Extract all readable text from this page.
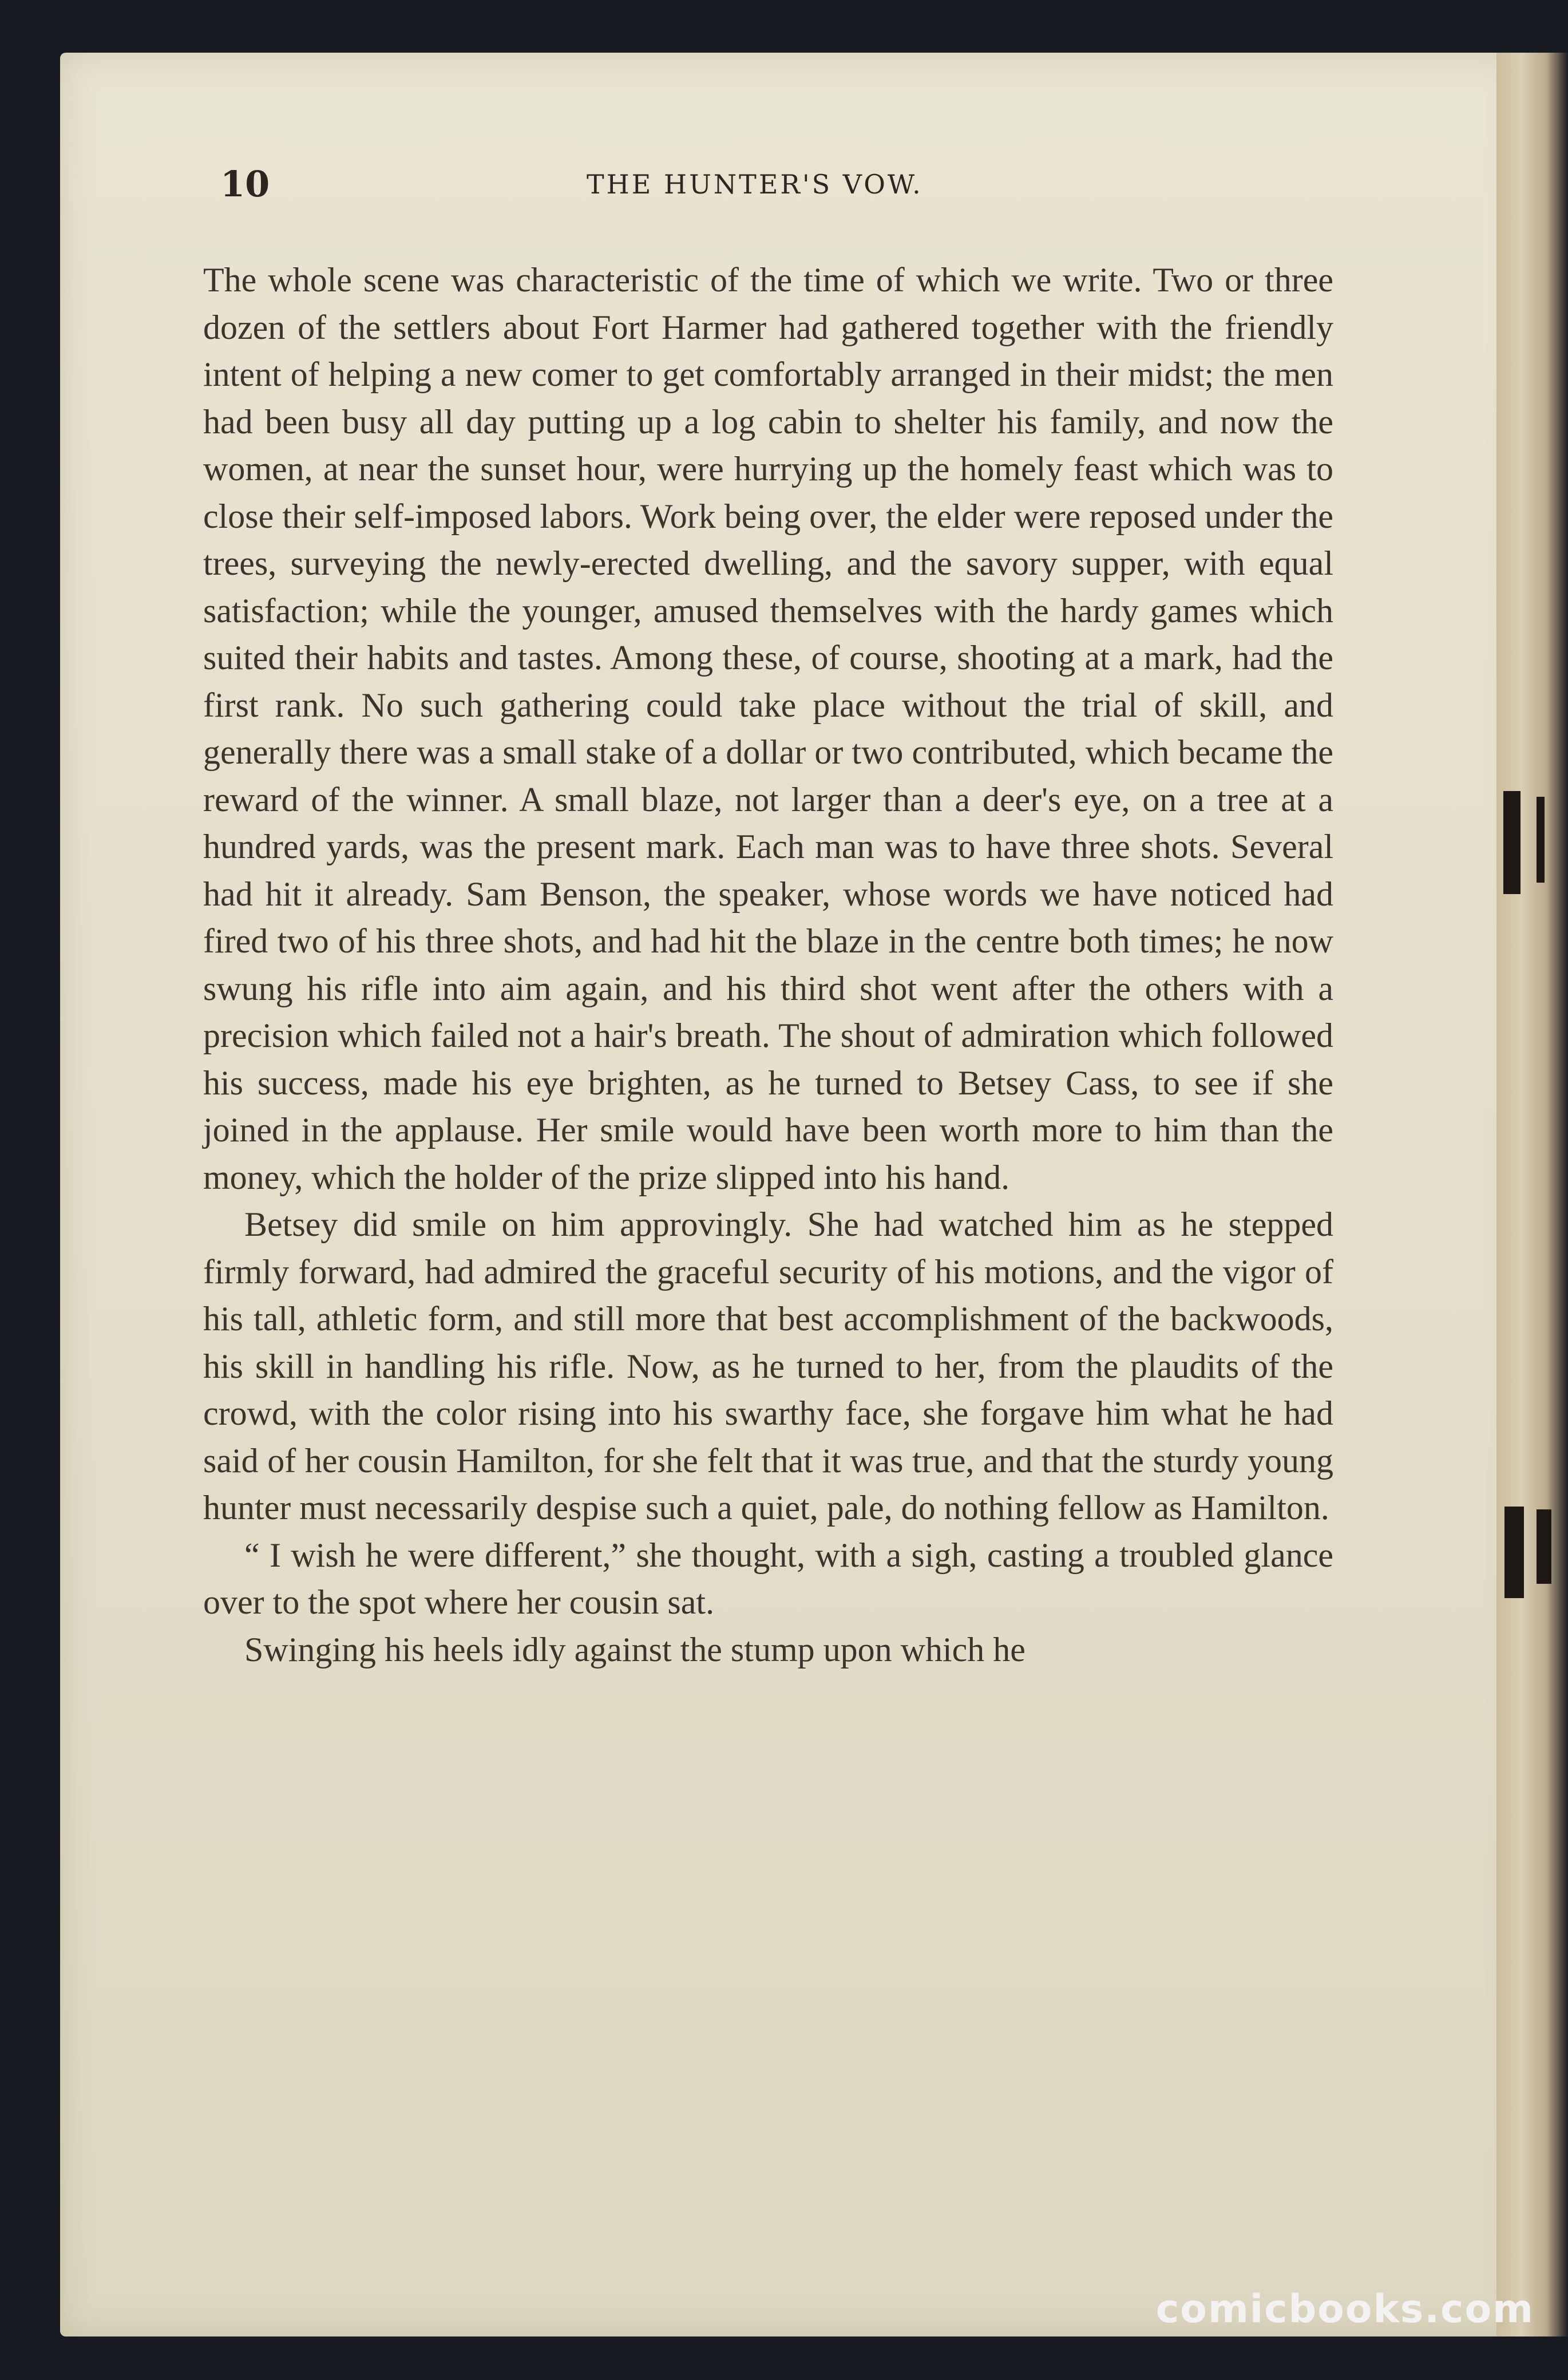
10	THE HUNTER'S VOW.

The whole scene was characteristic of the time of which we write. Two or three dozen of the settlers about Fort Harmer had gathered together with the friendly intent of helping a new comer to get comfortably arranged in their midst; the men had been busy all day putting up a log cabin to shelter his family, and now the women, at near the sunset hour, were hurrying up the homely feast which was to close their self-imposed labors. Work being over, the elder were reposed under the trees, surveying the newly-erected dwelling, and the savory supper, with equal satisfaction; while the younger, amused themselves with the hardy games which suited their habits and tastes. Among these, of course, shooting at a mark, had the first rank. No such gathering could take place without the trial of skill, and generally there was a small stake of a dollar or two contributed, which became the reward of the winner. A small blaze, not larger than a deer's eye, on a tree at a hundred yards, was the present mark. Each man was to have three shots. Several had hit it already. Sam Benson, the speaker, whose words we have noticed had fired two of his three shots, and had hit the blaze in the centre both times; he now swung his rifle into aim again, and his third shot went after the others with a precision which failed not a hair's breath. The shout of admiration which followed his success, made his eye brighten, as he turned to Betsey Cass, to see if she joined in the applause. Her smile would have been worth more to him than the money, which the holder of the prize slipped into his hand.

Betsey did smile on him approvingly. She had watched him as he stepped firmly forward, had admired the graceful security of his motions, and the vigor of his tall, athletic form, and still more that best accomplishment of the backwoods, his skill in handling his rifle. Now, as he turned to her, from the plaudits of the crowd, with the color rising into his swarthy face, she forgave him what he had said of her cousin Hamilton, for she felt that it was true, and that the sturdy young hunter must necessarily despise such a quiet, pale, do nothing fellow as Hamilton.

“ I wish he were different,” she thought, with a sigh, casting a troubled glance over to the spot where her cousin sat.

Swinging his heels idly against the stump upon which he

comicbooks.com
